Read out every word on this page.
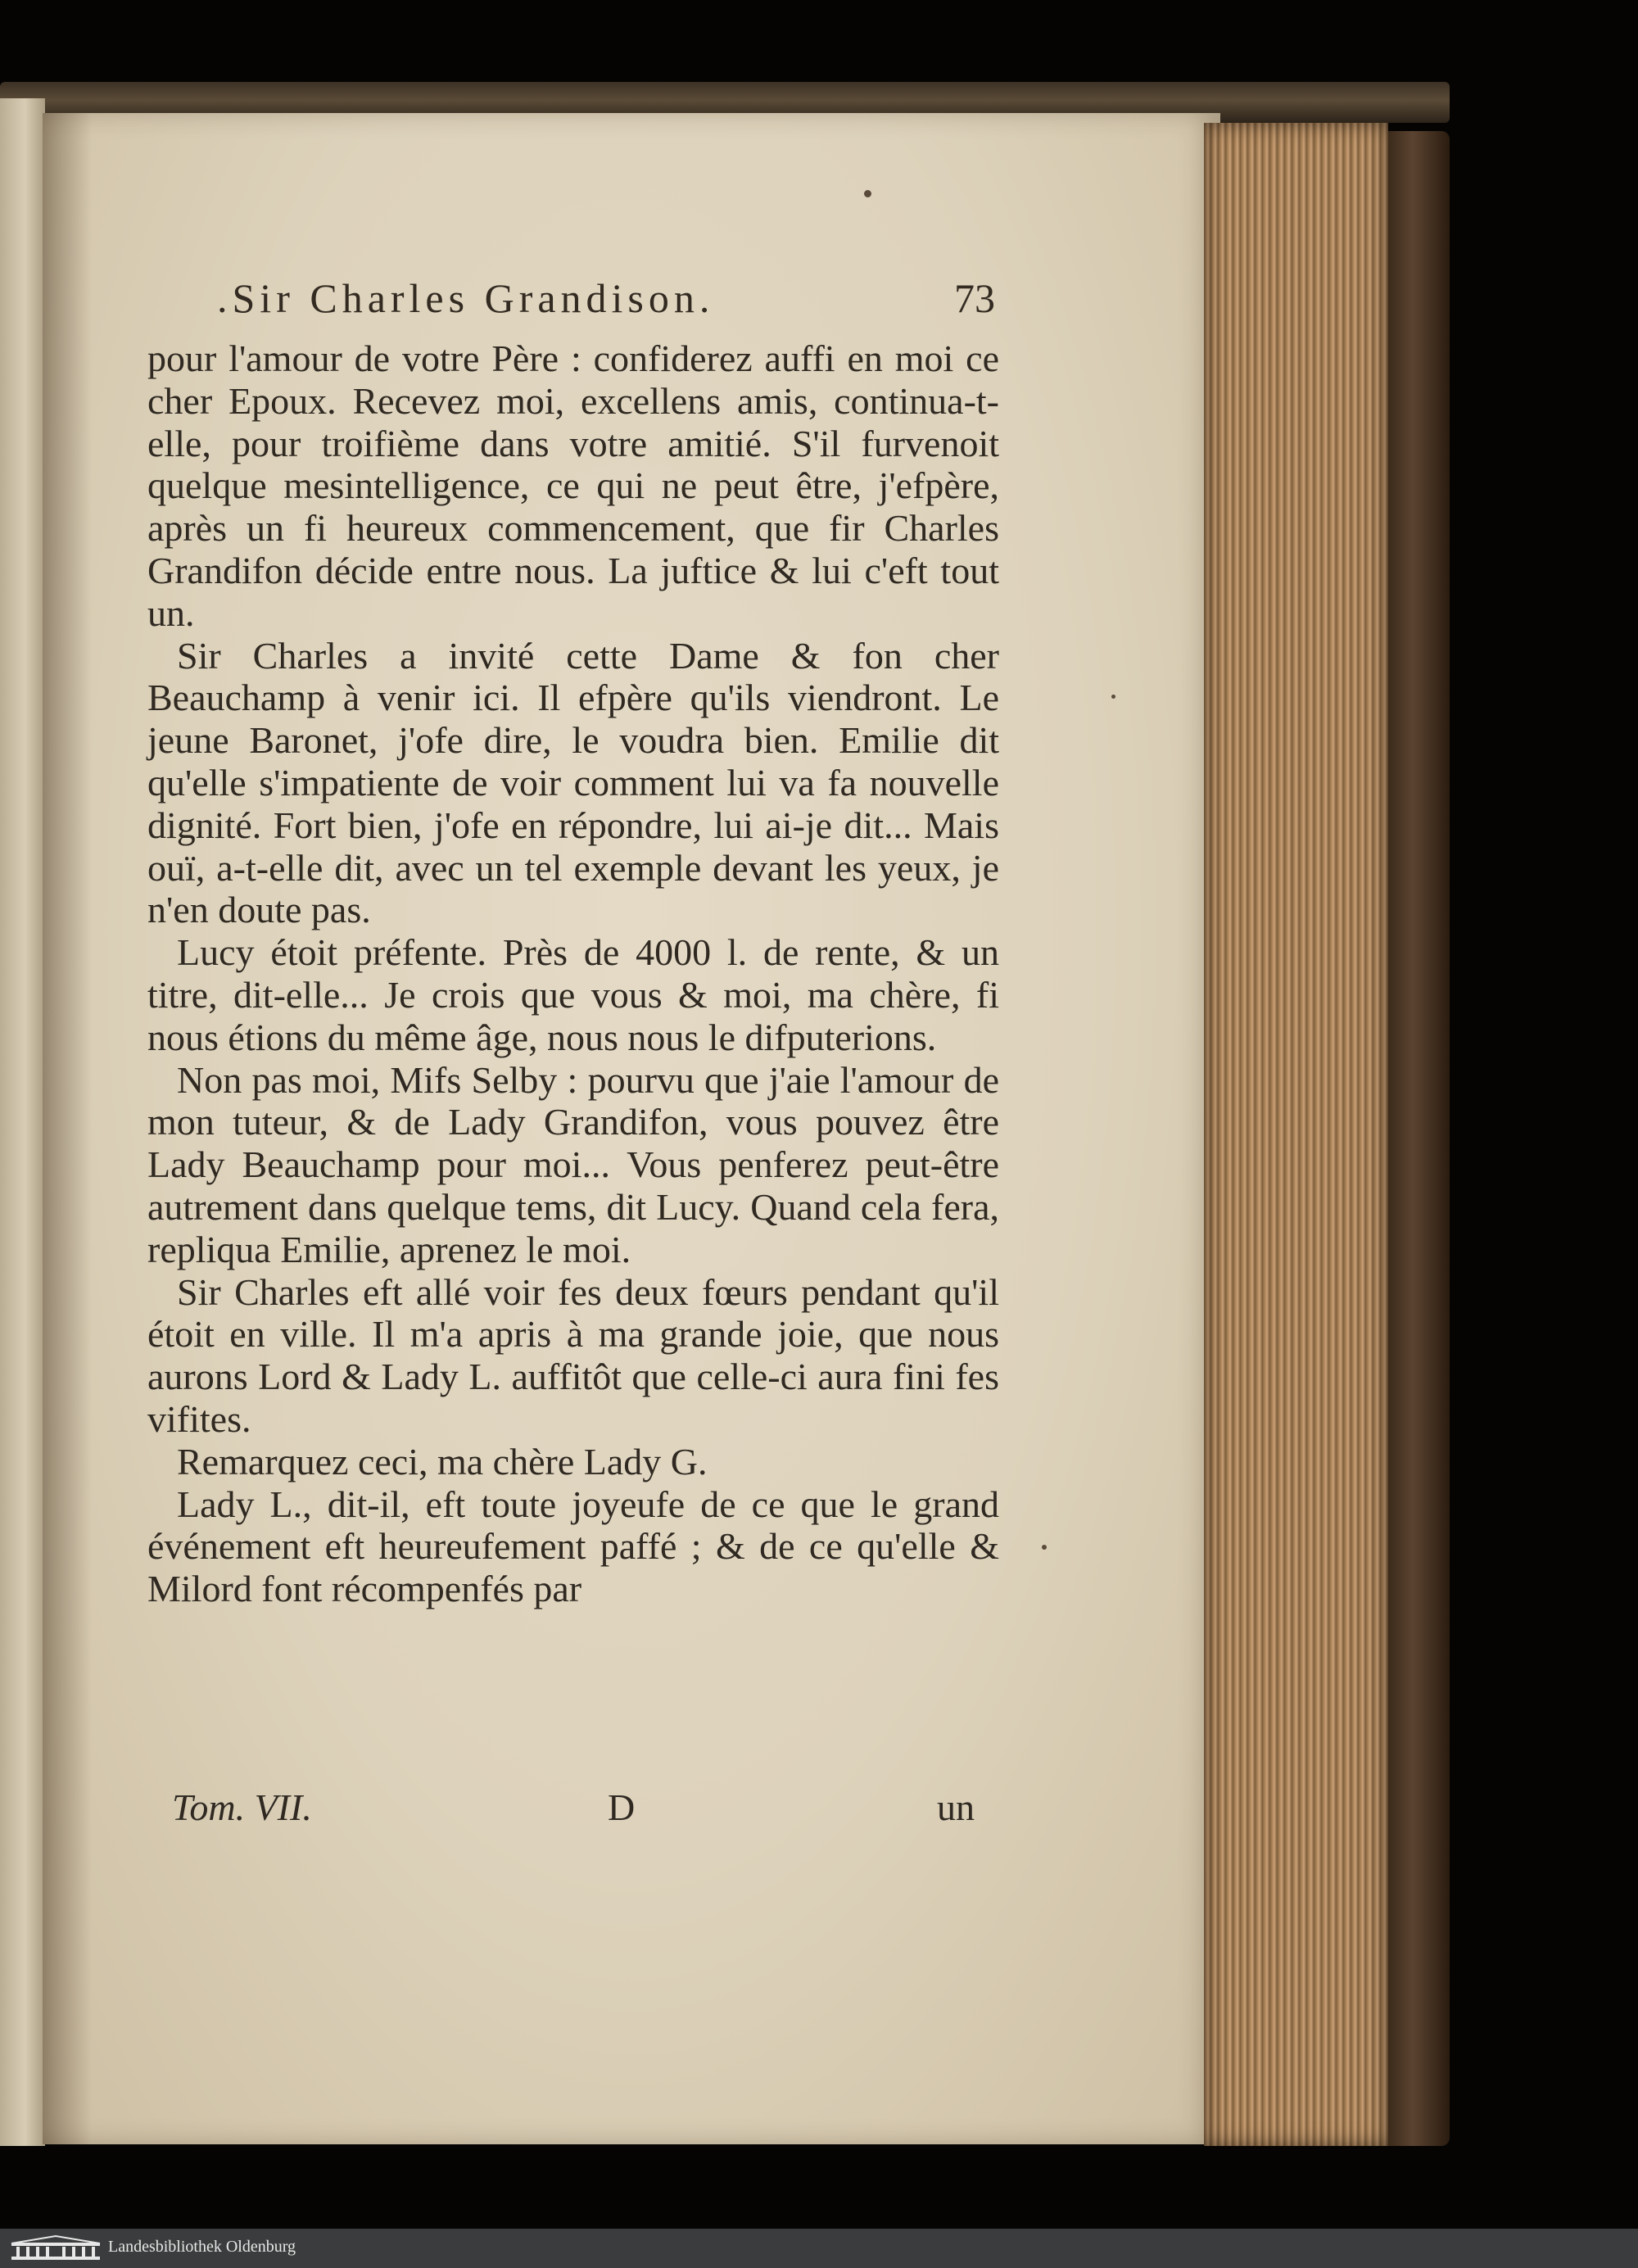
.Sir Charles Grandison.	73

pour l'amour de votre Père : confiderez auffi en moi ce cher Epoux. Recevez moi, excellens amis, continua-t-elle, pour troifième dans votre amitié. S'il furvenoit quelque mesintelligence, ce qui ne peut être, j'efpère, après un fi heureux commencement, que fir Charles Grandifon décide entre nous. La juftice & lui c'eft tout un.

Sir Charles a invité cette Dame & fon cher Beauchamp à venir ici. Il efpère qu'ils viendront. Le jeune Baronet, j'ofe dire, le voudra bien. Emilie dit qu'elle s'impatiente de voir comment lui va fa nouvelle dignité. Fort bien, j'ofe en répondre, lui ai-je dit... Mais ouï, a-t-elle dit, avec un tel exemple devant les yeux, je n'en doute pas.

Lucy étoit préfente. Près de 4000 l. de rente, & un titre, dit-elle... Je crois que vous & moi, ma chère, fi nous étions du même âge, nous nous le difputerions.

Non pas moi, Mifs Selby : pourvu que j'aie l'amour de mon tuteur, & de Lady Grandifon, vous pouvez être Lady Beauchamp pour moi... Vous penferez peut-être autrement dans quelque tems, dit Lucy. Quand cela fera, repliqua Emilie, aprenez le moi.

Sir Charles eft allé voir fes deux fœurs pendant qu'il étoit en ville. Il m'a apris à ma grande joie, que nous aurons Lord & Lady L. auffitôt que celle-ci aura fini fes vifites.

Remarquez ceci, ma chère Lady G.

Lady L., dit-il, eft toute joyeufe de ce que le grand événement eft heureufement paffé ; & de ce qu'elle & Milord font récompenfés par

Tom. VII.	D	un
Landesbibliothek Oldenburg
